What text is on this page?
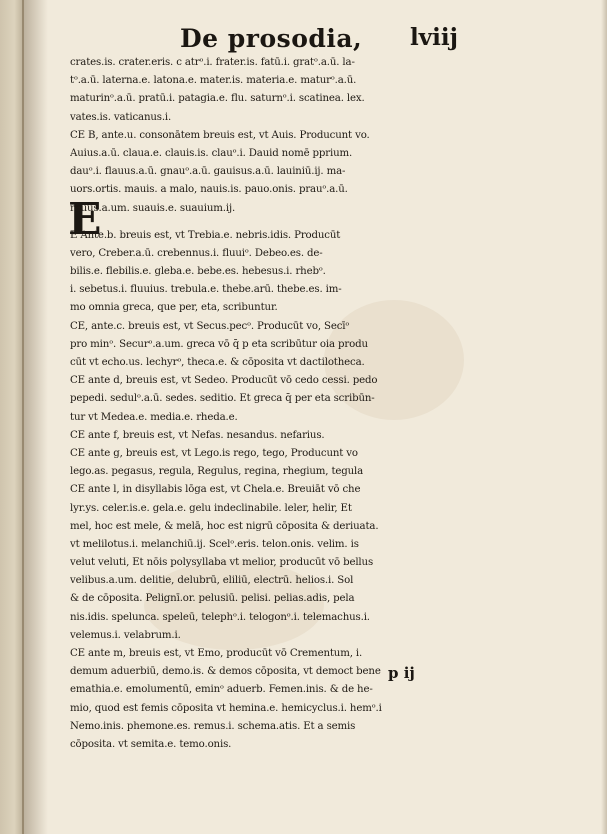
De prosodia, lviij
E
crates.is. crater.eris. c atrᵒ.i. frater.is. fatū.i. gratᵒ.a.ū. la-
tᵒ.a.ū. laterna.e. latona.e. mater.is. materia.e. maturᵒ.a.ū.
maturinᵒ.a.ū. pratū.i. patagia.e. flu. saturnᵒ.i. scatinea. lex.
vates.is. vaticanus.i.
CE B, ante.u. consonātem breuis est, vt Auis. Producunt vo.
Auius.a.ū. claua.e. clauis.is. clauᵒ.i. Dauid nomē pprium.
dauᵒ.i. flauus.a.ū. gnauᵒ.a.ū. gauisus.a.ū. lauiniū.ij. ma-
uors.ortis. mauis. a malo, nauis.is. pauo.onis. prauᵒ.a.ū.
rauus.a.um. suauis.e. suauium.ij.
E Ante.b. breuis est, vt Trebia.e. nebris.idis. Producūt
vero, Creber.a.ū. crebennus.i. fluuiᵒ. Debeo.es. de-
bilis.e. flebilis.e. gleba.e. bebe.es. hebesus.i. rhebᵒ.
i. sebetus.i. fluuius. trebula.e. thebe.arū. thebe.es. im-
mo omnia greca, que per, eta, scribuntur.
CE, ante.c. breuis est, vt Secus.pecᵒ. Producūt vo, Secīᵒ
pro minᵒ. Securᵒ.a.um. greca vō q̄ p eta scribūtur oia produ
cūt vt echo.us. lechyrᵒ, theca.e. & cōposita vt dactilotheca.
CE ante d, breuis est, vt Sedeo. Producūt vō cedo cessi. pedo
pepedi. sedulᵒ.a.ū. sedes. seditio. Et greca q̄ per eta scribūn-
tur vt Medea.e. media.e. rheda.e.
CE ante f, breuis est, vt Nefas. nesandus. nefarius.
CE ante g, breuis est, vt Lego.is rego, tego, Producunt vo
lego.as. pegasus, regula, Regulus, regina, rhegium, tegula
CE ante l, in disyllabis lōga est, vt Chela.e. Breuiāt vō che
lyr.ys. celer.is.e. gela.e. gelu indeclinabile. leler, helir, Et
mel, hoc est mele, & melā, hoc est nigrū cōposita & deriuata.
vt melilotus.i. melanchiū.ij. Scelᵒ.eris. telon.onis. velim. is
velut veluti, Et nōis polysyllaba vt melior, producūt vō bellus
velibus.a.um. delitie, delubrū, eliliū, electrū. helios.i. Sol
& de cōposita. Pelignī.or. pelusiū. pelisi. pelias.adis, pela
nis.idis. spelunca. speleū, telephᵒ.i. telogonᵒ.i. telemachus.i.
velemus.i. velabrum.i.
CE ante m, breuis est, vt Emo, producūt vō Crementum, i.
demum aduerbiū, demo.is. & demos cōposita, vt democt bene
emathia.e. emolumentū, eminᵒ aduerb. Femen.inis. & de he-
mio, quod est femis cōposita vt hemina.e. hemicyclus.i. hemᵒ.i
Nemo.inis. phemone.es. remus.i. schema.atis. Et a semis
cōposita. vt semita.e. temo.onis.
p ij
